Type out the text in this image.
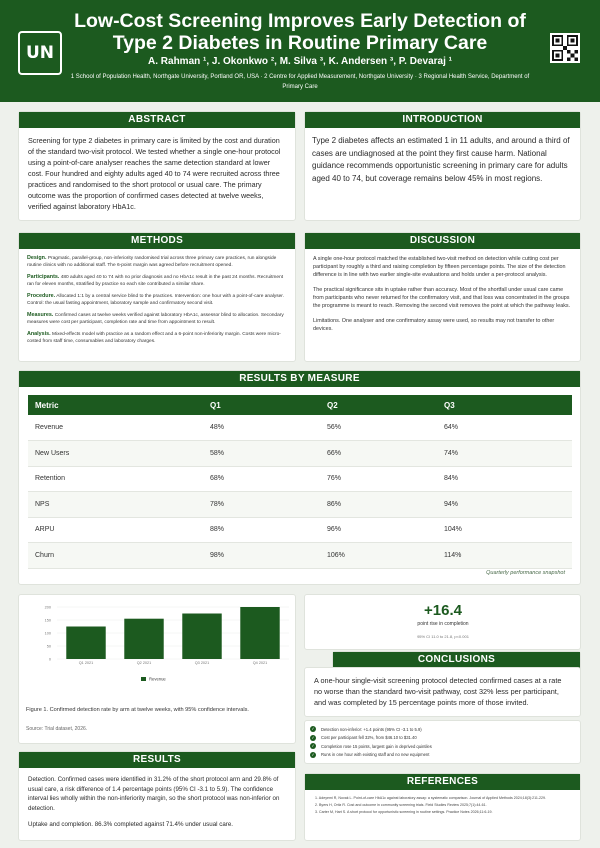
UN
Low-Cost Screening Improves Early Detection of Type 2 Diabetes in Routine Primary Care
A. Rahman ¹, J. Okonkwo ², M. Silva ³, K. Andersen ³, P. Devaraj ¹
1 School of Population Health, Northgate University, Portland OR, USA · 2 Centre for Applied Measurement, Northgate University · 3 Regional Health Service, Department of Primary Care
ABSTRACT
Screening for type 2 diabetes in primary care is limited by the cost and duration of the standard two-visit protocol. We tested whether a single one-hour protocol using a point-of-care analyser reaches the same detection standard at lower cost. Four hundred and eighty adults aged 40 to 74 were recruited across three practices and randomised to the short protocol or usual care. The primary outcome was the proportion of confirmed cases detected at twelve weeks, verified against laboratory HbA1c.
INTRODUCTION
Type 2 diabetes affects an estimated 1 in 11 adults, and around a third of cases are undiagnosed at the point they first cause harm. National guidance recommends opportunistic screening in primary care for adults aged 40 to 74, but coverage remains below 45% in most regions.
METHODS

Design. Pragmatic, parallel-group, non-inferiority randomised trial across three primary care practices, run alongside routine clinics with no additional staff. The 6-point margin was agreed before recruitment opened.

Participants. 480 adults aged 40 to 74 with no prior diagnosis and no HbA1c result in the past 24 months. Recruitment ran for eleven months, stratified by practice so each site contributed a similar share.

Procedure. Allocated 1:1 by a central service blind to the practices. Intervention: one hour with a point-of-care analyser. Control: the usual fasting appointment, laboratory sample and confirmatory second visit.

Measures. Confirmed cases at twelve weeks verified against laboratory HbA1c, assessor blind to allocation. Secondary measures were cost per participant, completion rate and time from appointment to result.

Analysis. Mixed-effects model with practice as a random effect and a 6-point non-inferiority margin. Costs were micro-costed from staff time, consumables and laboratory charges.

DISCUSSION

A single one-hour protocol matched the established two-visit method on detection while cutting cost per participant by roughly a third and raising completion by fifteen percentage points. The size of the detection difference is in line with two earlier single-site evaluations and holds under a per-protocol analysis.

The practical significance sits in uptake rather than accuracy. Most of the shortfall under usual care came from participants who never returned for the confirmatory visit, and that loss was concentrated in the groups the programme is meant to reach. Removing the second visit removes the point at which the pathway leaks.

Limitations. One analyser and one confirmatory assay were used, so results may not transfer to other devices.

RESULTS BY MEASURE
Metric	Q1	Q2	Q3
Revenue	48%	56%	64%
New Users	58%	66%	74%
Retention	68%	76%	84%
NPS	78%	86%	94%
ARPU	88%	96%	104%
Churn	98%	106%	114%
Quarterly performance snapshot
200
150
100
50
0
Q1 2021	Q2 2021	Q3 2021	Q4 2021
Revenue
Figure 1. Confirmed detection rate by arm at twelve weeks, with 95% confidence intervals.
Source: Trial dataset, 2026.
RESULTS

Detection. Confirmed cases were identified in 31.2% of the short protocol arm and 29.8% of usual care, a risk difference of 1.4 percentage points (95% CI -3.1 to 5.9). The confidence interval lies wholly within the non-inferiority margin, so the short protocol was non-inferior on detection.

Uptake and completion. 86.3% completed against 71.4% under usual care.

+16.4
point rise in completion
95% CI 11.0 to 21.8, p<0.001
CONCLUSIONS
A one-hour single-visit screening protocol detected confirmed cases at a rate no worse than the standard two-visit pathway, cost 32% less per participant, and was completed by 15 percentage points more of those invited.
✓	Detection non-inferior: +1.4 points (95% CI -3.1 to 5.9)
✓	Cost per participant fell 32%, from $46.10 to $31.40
✓	Completion rose 15 points, largest gain in deprived quintiles
✓	Runs in one hour with existing staff and no new equipment
REFERENCES
1. Adeyemi R, Novak L. Point-of-care HbA1c against laboratory assay: a systematic comparison. Journal of Applied Methods 2024;18(3):211-229.
2. Byers H, Ortiz R. Cost and outcome in community screening trials. Field Studies Review 2025;7(1):44-61.
3. Carter M, Hart S. A short protocol for opportunistic screening in routine settings. Practice Notes 2026;11:6-19.
